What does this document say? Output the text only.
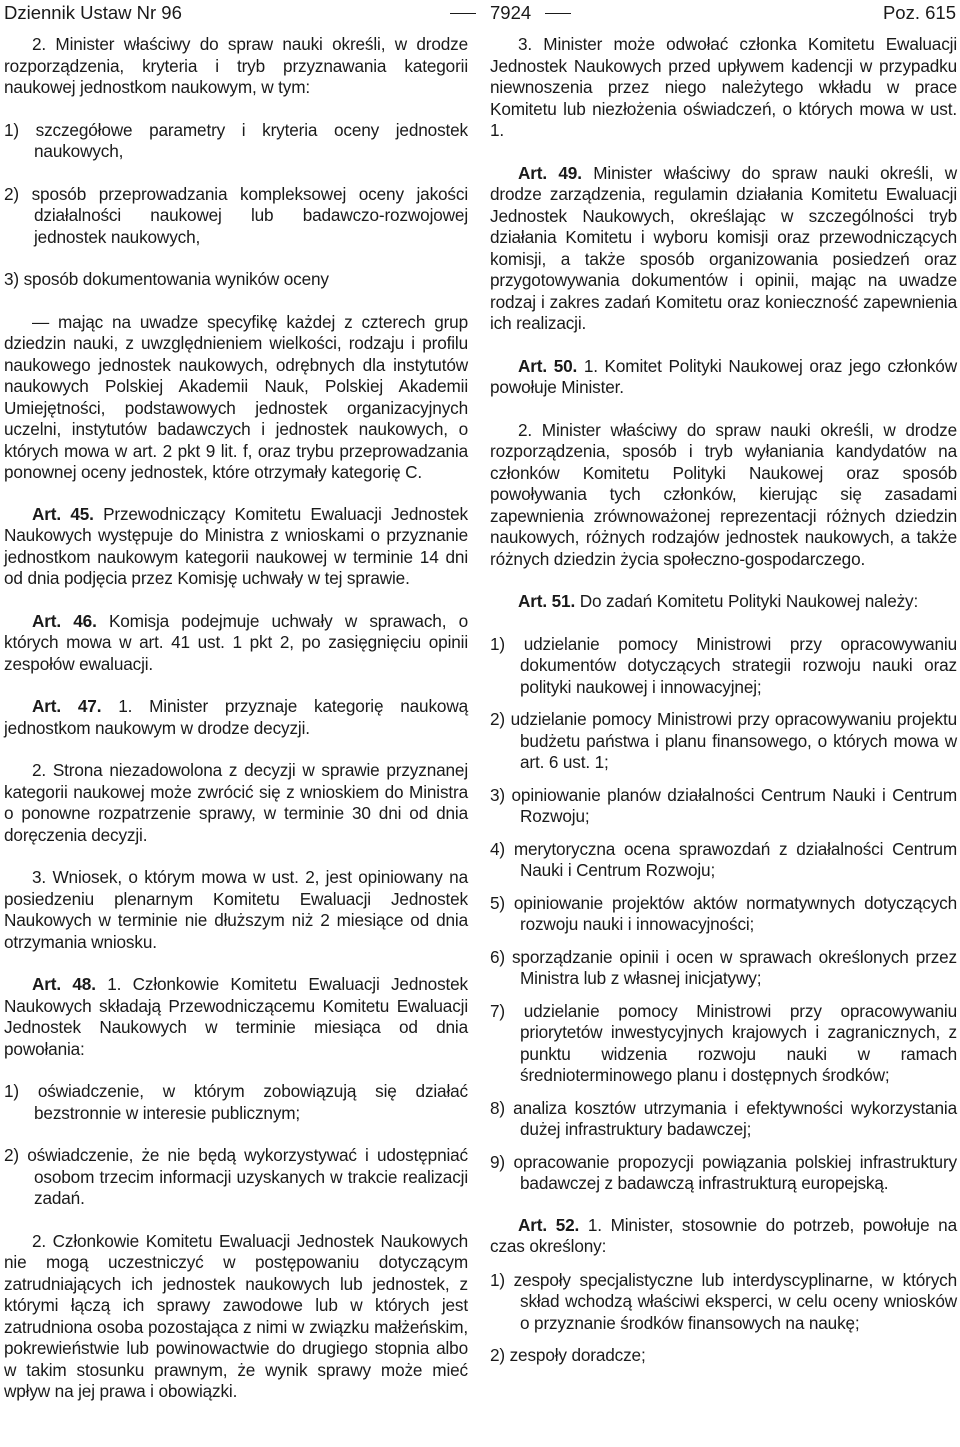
Dziennik Ustaw Nr 96	7924	Poz. 615

2. Minister właściwy do spraw nauki określi, w drodze rozporządzenia, kryteria i tryb przyznawania kategorii naukowej jednostkom naukowym, w tym:

1) szczegółowe parametry i kryteria oceny jednostek naukowych,

2) sposób przeprowadzania kompleksowej oceny jakości działalności naukowej lub badawczo-rozwojowej jednostek naukowych,

3) sposób dokumentowania wyników oceny

— mając na uwadze specyfikę każdej z czterech grup dziedzin nauki, z uwzględnieniem wielkości, rodzaju i profilu naukowego jednostek naukowych, odrębnych dla instytutów naukowych Polskiej Akademii Nauk, Polskiej Akademii Umiejętności, podstawowych jednostek organizacyjnych uczelni, instytutów badawczych i jednostek naukowych, o których mowa w art. 2 pkt 9 lit. f, oraz trybu przeprowadzania ponownej oceny jednostek, które otrzymały kategorię C.

Art. 45. Przewodniczący Komitetu Ewaluacji Jednostek Naukowych występuje do Ministra z wnioskami o przyznanie jednostkom naukowym kategorii naukowej w terminie 14 dni od dnia podjęcia przez Komisję uchwały w tej sprawie.

Art. 46. Komisja podejmuje uchwały w sprawach, o których mowa w art. 41 ust. 1 pkt 2, po zasięgnięciu opinii zespołów ewaluacji.

Art. 47. 1. Minister przyznaje kategorię naukową jednostkom naukowym w drodze decyzji.

2. Strona niezadowolona z decyzji w sprawie przyznanej kategorii naukowej może zwrócić się z wnioskiem do Ministra o ponowne rozpatrzenie sprawy, w terminie 30 dni od dnia doręczenia decyzji.

3. Wniosek, o którym mowa w ust. 2, jest opiniowany na posiedzeniu plenarnym Komitetu Ewaluacji Jednostek Naukowych w terminie nie dłuższym niż 2 miesiące od dnia otrzymania wniosku.

Art. 48. 1. Członkowie Komitetu Ewaluacji Jednostek Naukowych składają Przewodniczącemu Komitetu Ewaluacji Jednostek Naukowych w terminie miesiąca od dnia powołania:

1) oświadczenie, w którym zobowiązują się działać bezstronnie w interesie publicznym;

2) oświadczenie, że nie będą wykorzystywać i udostępniać osobom trzecim informacji uzyskanych w trakcie realizacji zadań.

2. Członkowie Komitetu Ewaluacji Jednostek Naukowych nie mogą uczestniczyć w postępowaniu dotyczącym zatrudniających ich jednostek naukowych lub jednostek, z którymi łączą ich sprawy zawodowe lub w których jest zatrudniona osoba pozostająca z nimi w związku małżeńskim, pokrewieństwie lub powinowactwie do drugiego stopnia albo w takim stosunku prawnym, że wynik sprawy może mieć wpływ na jej prawa i obowiązki.

3. Minister może odwołać członka Komitetu Ewaluacji Jednostek Naukowych przed upływem kadencji w przypadku niewnoszenia przez niego należytego wkładu w prace Komitetu lub niezłożenia oświadczeń, o których mowa w ust. 1.

Art. 49. Minister właściwy do spraw nauki określi, w drodze zarządzenia, regulamin działania Komitetu Ewaluacji Jednostek Naukowych, określając w szczególności tryb działania Komitetu i wyboru komisji oraz przewodniczących komisji, a także sposób organizowania posiedzeń oraz przygotowywania dokumentów i opinii, mając na uwadze rodzaj i zakres zadań Komitetu oraz konieczność zapewnienia ich realizacji.

Art. 50. 1. Komitet Polityki Naukowej oraz jego członków powołuje Minister.

2. Minister właściwy do spraw nauki określi, w drodze rozporządzenia, sposób i tryb wyłaniania kandydatów na członków Komitetu Polityki Naukowej oraz sposób powoływania tych członków, kierując się zasadami zapewnienia zrównoważonej reprezentacji różnych dziedzin naukowych, różnych rodzajów jednostek naukowych, a także różnych dziedzin życia społeczno-gospodarczego.

Art. 51. Do zadań Komitetu Polityki Naukowej należy:

1) udzielanie pomocy Ministrowi przy opracowywaniu dokumentów dotyczących strategii rozwoju nauki oraz polityki naukowej i innowacyjnej;

2) udzielanie pomocy Ministrowi przy opracowywaniu projektu budżetu państwa i planu finansowego, o których mowa w art. 6 ust. 1;

3) opiniowanie planów działalności Centrum Nauki i Centrum Rozwoju;

4) merytoryczna ocena sprawozdań z działalności Centrum Nauki i Centrum Rozwoju;

5) opiniowanie projektów aktów normatywnych dotyczących rozwoju nauki i innowacyjności;

6) sporządzanie opinii i ocen w sprawach określonych przez Ministra lub z własnej inicjatywy;

7) udzielanie pomocy Ministrowi przy opracowywaniu priorytetów inwestycyjnych krajowych i zagranicznych, z punktu widzenia rozwoju nauki w ramach średnioterminowego planu i dostępnych środków;

8) analiza kosztów utrzymania i efektywności wykorzystania dużej infrastruktury badawczej;

9) opracowanie propozycji powiązania polskiej infrastruktury badawczej z badawczą infrastrukturą europejską.

Art. 52. 1. Minister, stosownie do potrzeb, powołuje na czas określony:

1) zespoły specjalistyczne lub interdyscyplinarne, w których skład wchodzą właściwi eksperci, w celu oceny wniosków o przyznanie środków finansowych na naukę;

2) zespoły doradcze;
